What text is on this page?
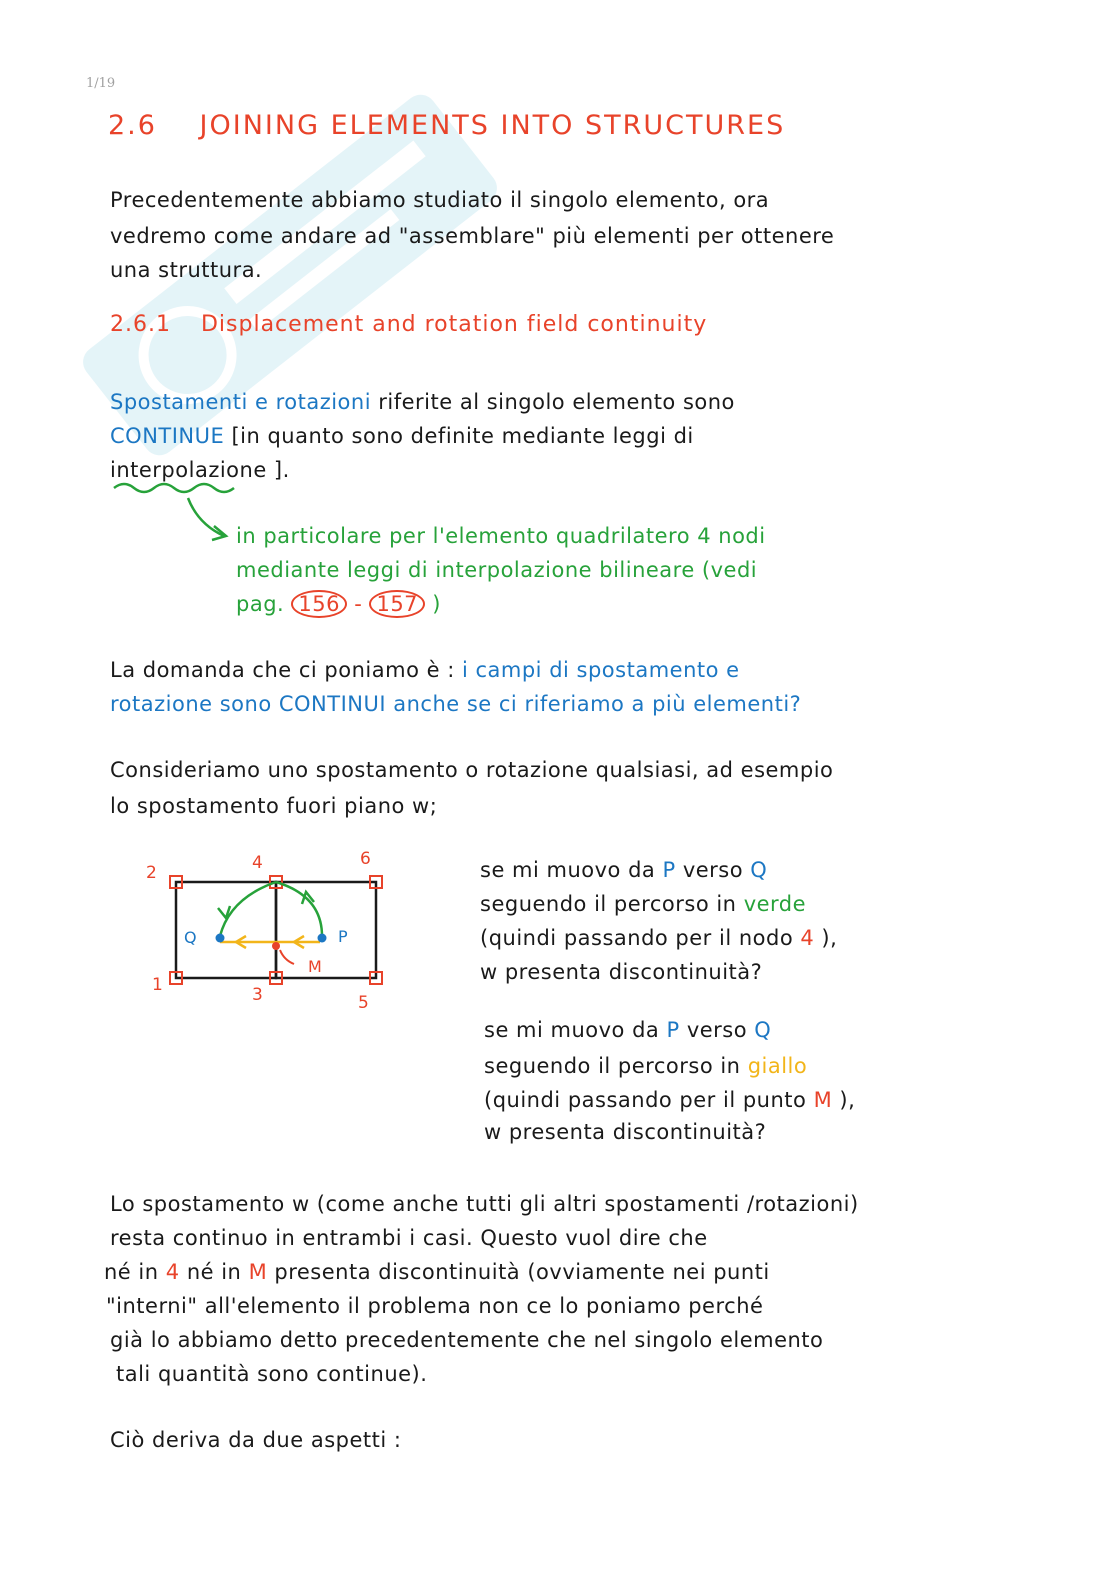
1/19
2.6 JOINING ELEMENTS INTO STRUCTURES
Precedentemente abbiamo studiato il singolo elemento, ora
vedremo come andare ad "assemblare" più elementi per ottenere
una struttura.
2.6.1 Displacement and rotation field continuity
Spostamenti e rotazioni riferite al singolo elemento sono
CONTINUE [in quanto sono definite mediante leggi di
interpolazione ].
in particolare per l'elemento quadrilatero 4 nodi
mediante leggi di interpolazione bilineare (vedi
pag. 156 - 157 )
La domanda che ci poniamo è : i campi di spostamento e
rotazione sono CONTINUI anche se ci riferiamo a più elementi?
Consideriamo uno spostamento o rotazione qualsiasi, ad esempio
lo spostamento fuori piano w;
1
2
3
4
5
6
P
Q
M
se mi muovo da P verso Q
seguendo il percorso in verde
(quindi passando per il nodo 4 ),
w presenta discontinuità?
se mi muovo da P verso Q
seguendo il percorso in giallo
(quindi passando per il punto M ),
w presenta discontinuità?
Lo spostamento w (come anche tutti gli altri spostamenti /rotazioni)
resta continuo in entrambi i casi. Questo vuol dire che
né in 4 né in M presenta discontinuità (ovviamente nei punti
"interni" all'elemento il problema non ce lo poniamo perché
già lo abbiamo detto precedentemente che nel singolo elemento
tali quantità sono continue).
Ciò deriva da due aspetti :
